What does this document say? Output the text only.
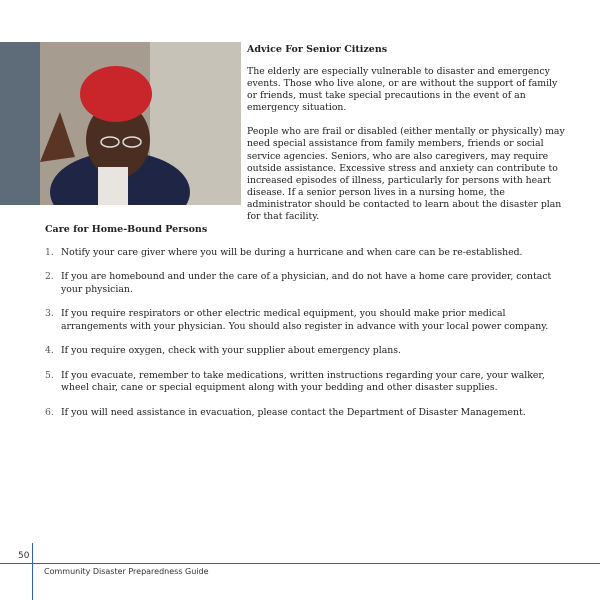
Advice For Senior Citizens

The elderly are especially vulnerable to disaster and emergency events. Those who live alone, or are without the support of family or friends, must take special precautions in the event of an emergency situation.

People who are frail or disabled (either mentally or physically) may need special assistance from family members, friends or social service agencies. Seniors, who are also caregivers, may require outside assistance. Excessive stress and anxiety can contribute to increased episodes of illness, particularly for persons with heart disease. If a senior person lives in a nursing home, the administrator should be contacted to learn about the disaster plan for that facility.

Care for Home-Bound Persons
1. Notify your care giver where you will be during a hurricane and when care can be re-established.
2. If you are homebound and under the care of a physician, and do not have a home care provider, contact your physician.
3. If you require respirators or other electric medical equipment, you should make prior medical arrangements with your physician. You should also register in advance with your local power company.
4. If you require oxygen, check with your supplier about emergency plans.
5. If you evacuate, remember to take medications, written instructions regarding your care, your walker, wheel chair, cane or special equipment along with your bedding and other disaster supplies.
6. If you will need assistance in evacuation, please contact the Department of Disaster Management.
50
Community Disaster Preparedness Guide
